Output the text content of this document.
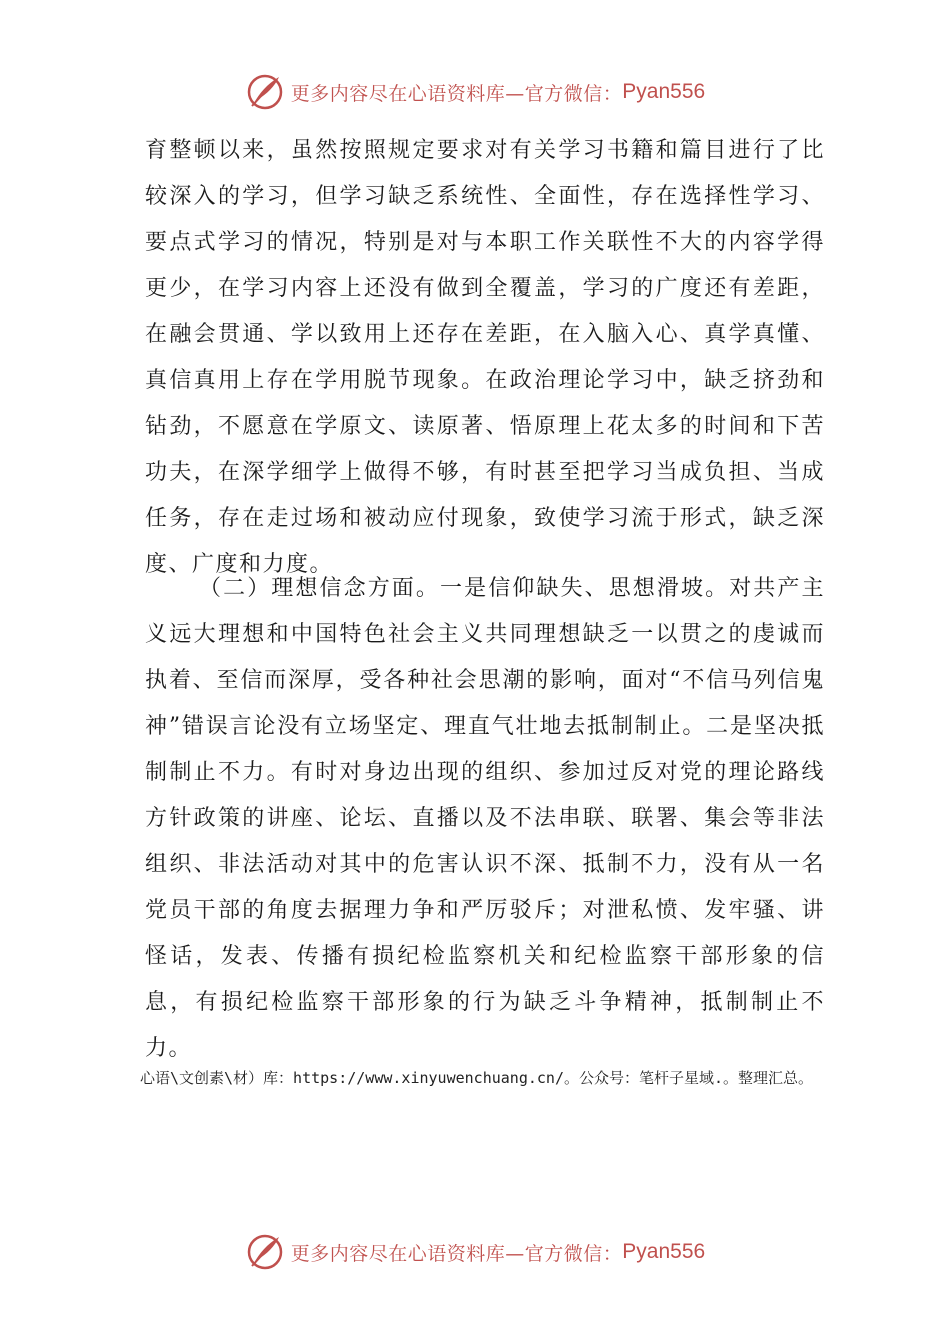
更多内容尽在心语资料库—官方微信： Pyan556

育整顿以来，虽然按照规定要求对有关学习书籍和篇目进行了比较深入的学习，但学习缺乏系统性、全面性，存在选择性学习、要点式学习的情况，特别是对与本职工作关联性不大的内容学得更少，在学习内容上还没有做到全覆盖，学习的广度还有差距， 在融会贯通、学以致用上还存在差距，在入脑入心、真学真懂、真信真用上存在学用脱节现象。在政治理论学习中，缺乏挤劲和钻劲，不愿意在学原文、读原著、悟原理上花太多的时间和下苦功夫，在深学细学上做得不够，有时甚至把学习当成负担、当成任务，存在走过场和被动应付现象，致使学习流于形式，缺乏深度、广度和力度。

（二）理想信念方面。一是信仰缺失、思想滑坡。对共产主义远大理想和中国特色社会主义共同理想缺乏一以贯之的虔诚而执着、至信而深厚，受各种社会思潮的影响，面对“不信马列信鬼神”错误言论没有立场坚定、理直气壮地去抵制制止。二是坚决抵制制止不力。有时对身边出现的组织、参加过反对党的理论路线方针政策的讲座、论坛、直播以及不法串联、联署、集会等非法组织、非法活动对其中的危害认识不深、抵制不力，没有从一名党员干部的角度去据理力争和严厉驳斥；对泄私愤、发牢骚、讲怪话，发表、传播有损纪检监察机关和纪检监察干部形象的信息，有损纪检监察干部形象的行为缺乏斗争精神，抵制制止不力。

心语\文创素\材）库：https://www.xinyuwenchuang.cn/。公众号：笔杆子星域.。整理汇总。

更多内容尽在心语资料库—官方微信： Pyan556
